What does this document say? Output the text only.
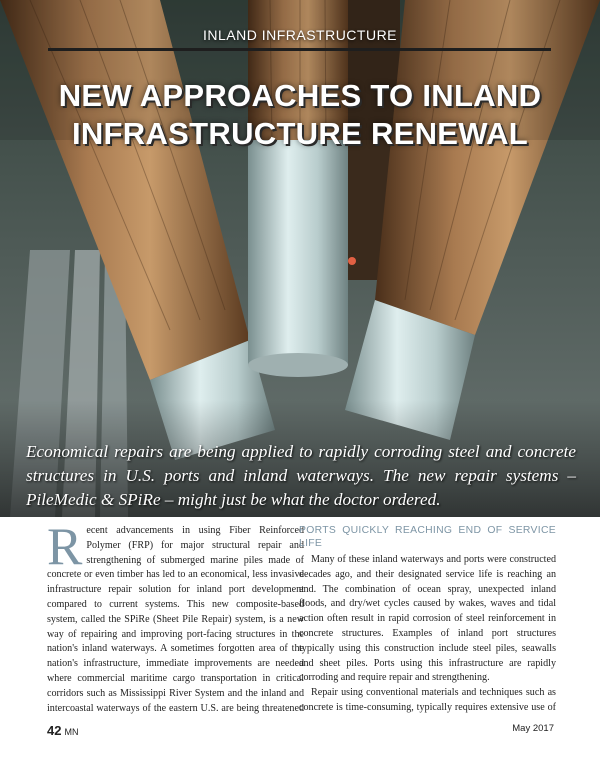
INLAND INFRASTRUCTURE
NEW APPROACHES TO INLAND
INFRASTRUCTURE RENEWAL
Economical repairs are being applied to rapidly corroding steel and concrete structures in U.S. ports and inland waterways. The new repair systems – PileMedic & SPiRe – might just be what the doctor ordered.

Recent advancements in using Fiber Reinforced Polymer (FRP) for major structural repair and strengthening of submerged marine piles made of concrete or even timber has led to an economical, less invasive infrastructure repair solution for inland port development compared to current systems. This new composite-based system, called the SPiRe (Sheet Pile Repair) system, is a new way of repairing and improving port-facing structures in the nation's inland waterways. A sometimes forgotten area of the nation's infrastructure, immediate improvements are needed where commercial maritime cargo transportation in critical corridors such as Mississippi River System and the inland and intercoastal waterways of the eastern U.S. are being threatened

PORTS QUICKLY REACHING END OF SERVICE LIFE

Many of these inland waterways and ports were constructed decades ago, and their designated service life is reaching an end. The combination of ocean spray, unexpected inland floods, and dry/wet cycles caused by wakes, waves and tidal action often result in rapid corrosion of steel reinforcement in concrete structures. Examples of inland port structures typically using this construction include steel piles, seawalls and sheet piles. Ports using this infrastructure are rapidly corroding and require repair and strengthening.

Repair using conventional materials and techniques such as concrete is time-consuming, typically requires extensive use of

42 MN	May 2017
